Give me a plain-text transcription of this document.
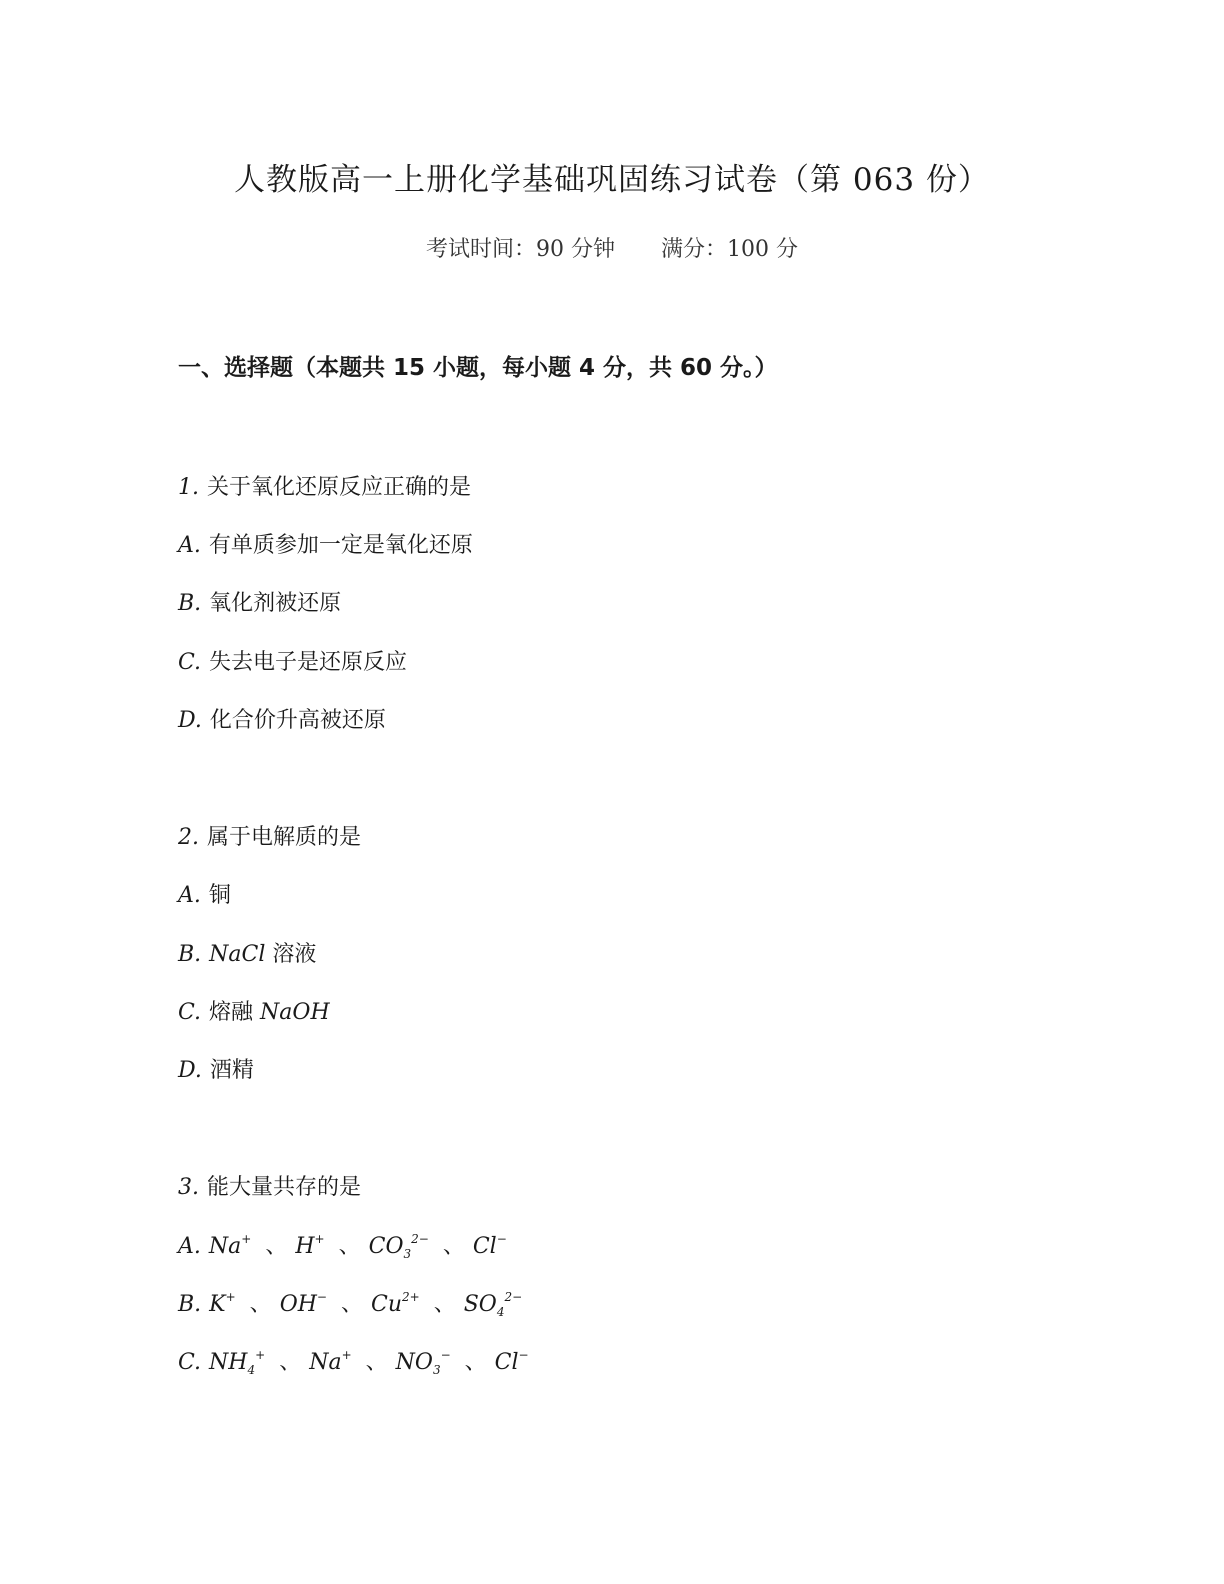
人教版高一上册化学基础巩固练习试卷（第 063 份）
考试时间：90 分钟 满分：100 分
一、选择题（本题共 15 小题，每小题 4 分，共 60 分。）
1. 关于氧化还原反应正确的是
A. 有单质参加一定是氧化还原
B. 氧化剂被还原
C. 失去电子是还原反应
D. 化合价升高被还原
2. 属于电解质的是
A. 铜
B. NaCl 溶液
C. 熔融 NaOH
D. 酒精
3. 能大量共存的是
A. Na+ 、 H+ 、 $CO_3^{2-}$ 、 Cl−
B. K+ 、 OH− 、 $Cu^{2+}$ 、 $SO_4^{2-}$
C. $NH_4^+$ 、 Na+ 、 $NO_3^-$ 、 Cl−
